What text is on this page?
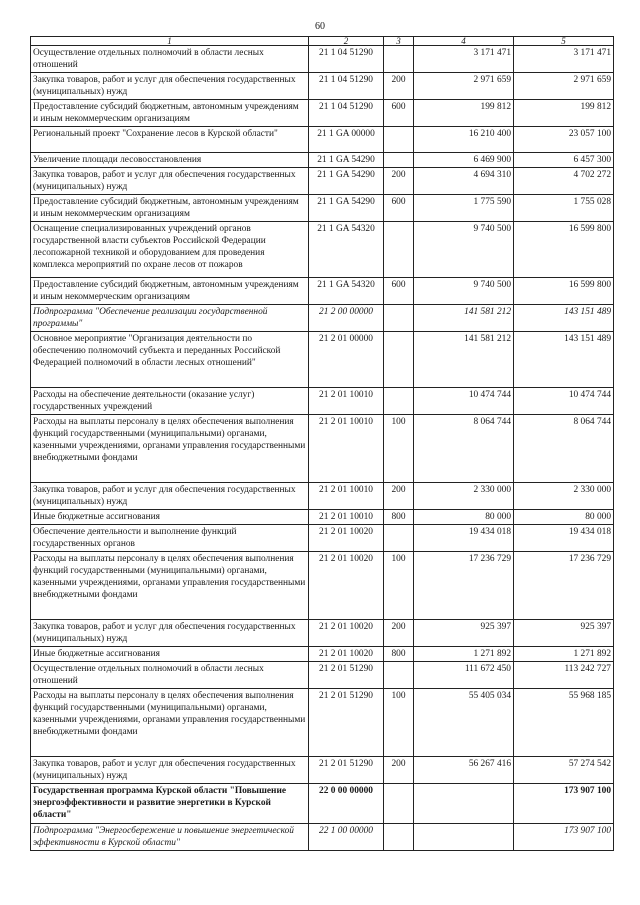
60
1	2	3	4	5
Осуществление отдельных полномочий в области лесных отношений	21 1 04 51290		3 171 471	3 171 471
Закупка товаров, работ и услуг для обеспечения государственных (муниципальных) нужд	21 1 04 51290	200	2 971 659	2 971 659
Предоставление субсидий бюджетным, автономным учреждениям и иным некоммерческим организациям	21 1 04 51290	600	199 812	199 812
Региональный проект "Сохранение лесов в Курской области"	21 1 GA 00000		16 210 400	23 057 100
Увеличение площади лесовосстановления	21 1 GA 54290		6 469 900	6 457 300
Закупка товаров, работ и услуг для обеспечения государственных (муниципальных) нужд	21 1 GA 54290	200	4 694 310	4 702 272
Предоставление субсидий бюджетным, автономным учреждениям и иным некоммерческим организациям	21 1 GA 54290	600	1 775 590	1 755 028
Оснащение специализированных учреждений органов государственной власти субъектов Российской Федерации лесопожарной техникой и оборудованием для проведения комплекса мероприятий по охране лесов от пожаров	21 1 GA 54320		9 740 500	16 599 800
Предоставление субсидий бюджетным, автономным учреждениям и иным некоммерческим организациям	21 1 GA 54320	600	9 740 500	16 599 800
Подпрограмма "Обеспечение реализации государственной программы"	21 2 00 00000		141 581 212	143 151 489
Основное мероприятие "Организация деятельности по обеспечению полномочий субъекта и переданных Российской Федерацией полномочий в области лесных отношений"	21 2 01 00000		141 581 212	143 151 489
Расходы на обеспечение деятельности (оказание услуг) государственных учреждений	21 2 01 10010		10 474 744	10 474 744
Расходы на выплаты персоналу в целях обеспечения выполнения функций государственными (муниципальными) органами, казенными учреждениями, органами управления государственными внебюджетными фондами	21 2 01 10010	100	8 064 744	8 064 744
Закупка товаров, работ и услуг для обеспечения государственных (муниципальных) нужд	21 2 01 10010	200	2 330 000	2 330 000
Иные бюджетные ассигнования	21 2 01 10010	800	80 000	80 000
Обеспечение деятельности и выполнение функций государственных органов	21 2 01 10020		19 434 018	19 434 018
Расходы на выплаты персоналу в целях обеспечения выполнения функций государственными (муниципальными) органами, казенными учреждениями, органами управления государственными внебюджетными фондами	21 2 01 10020	100	17 236 729	17 236 729
Закупка товаров, работ и услуг для обеспечения государственных (муниципальных) нужд	21 2 01 10020	200	925 397	925 397
Иные бюджетные ассигнования	21 2 01 10020	800	1 271 892	1 271 892
Осуществление отдельных полномочий в области лесных отношений	21 2 01 51290		111 672 450	113 242 727
Расходы на выплаты персоналу в целях обеспечения выполнения функций государственными (муниципальными) органами, казенными учреждениями, органами управления государственными внебюджетными фондами	21 2 01 51290	100	55 405 034	55 968 185
Закупка товаров, работ и услуг для обеспечения государственных (муниципальных) нужд	21 2 01 51290	200	56 267 416	57 274 542
Государственная программа Курской области "Повышение энергоэффективности и развитие энергетики в Курской области"	22 0 00 00000			173 907 100
Подпрограмма "Энергосбережение и повышение энергетической эффективности в Курской области"	22 1 00 00000			173 907 100
